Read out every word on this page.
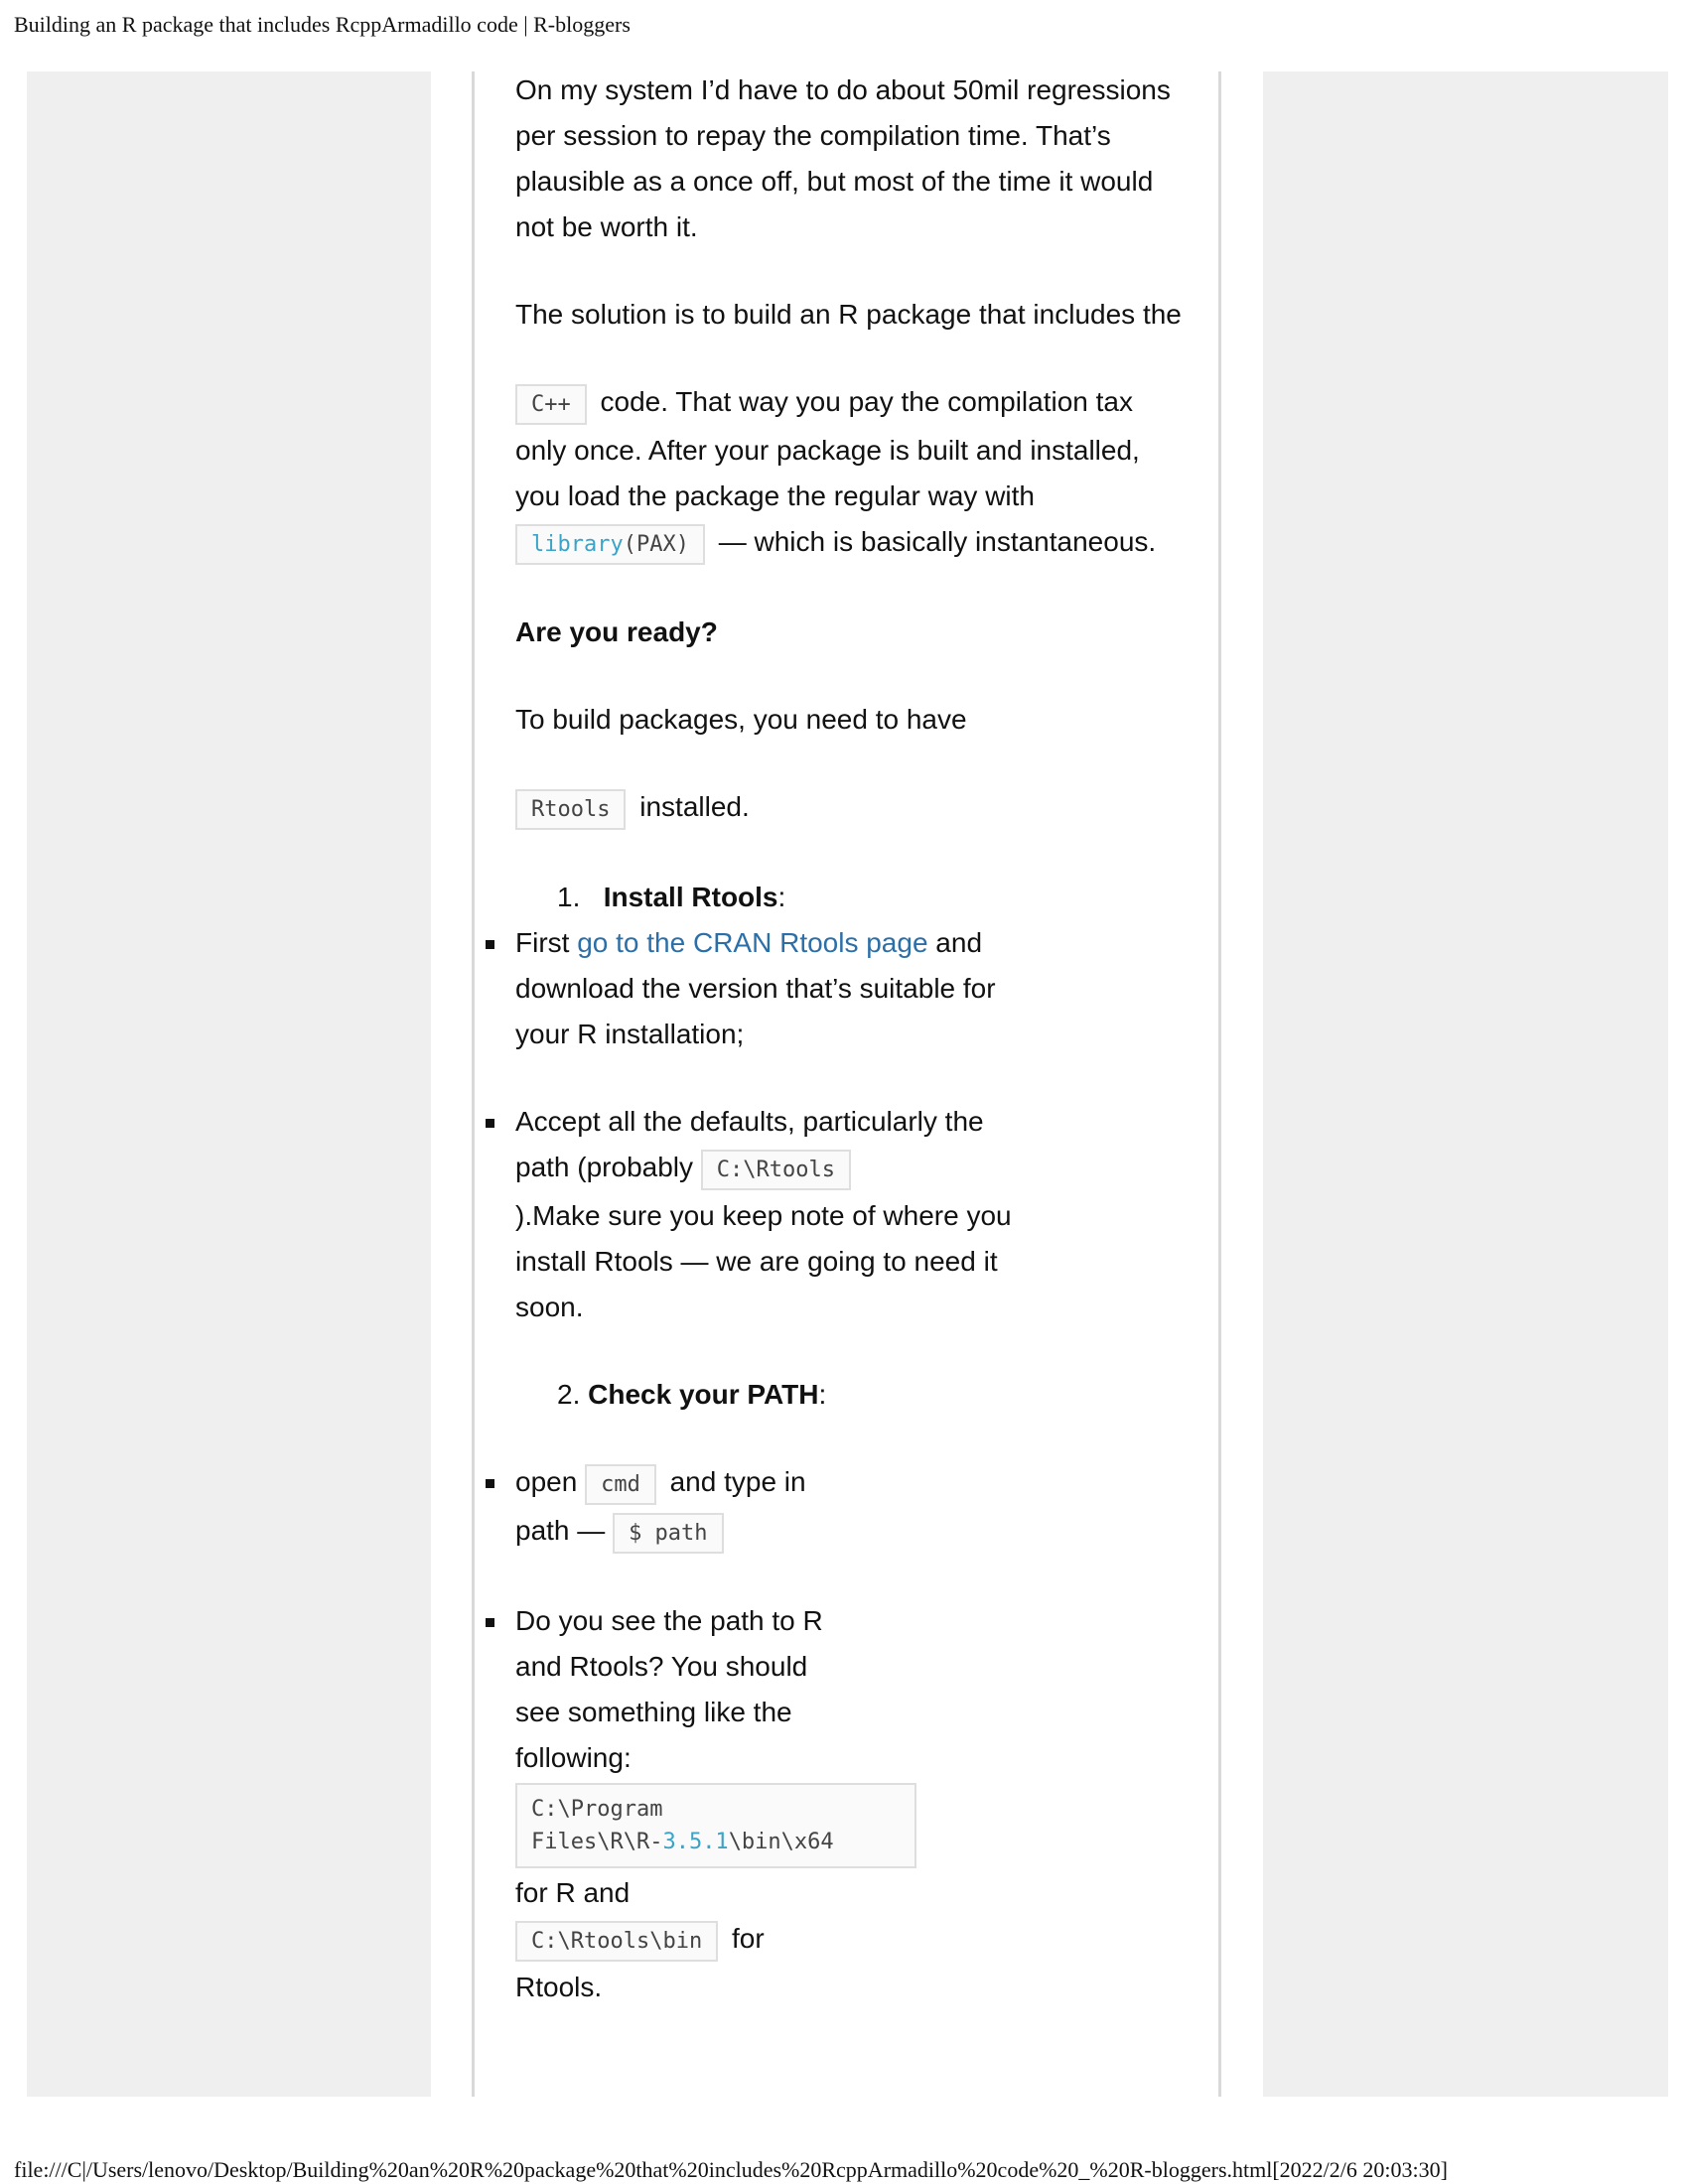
Building an R package that includes RcppArmadillo code | R-bloggers

On my system I’d have to do about 50mil regressions per session to repay the compilation time. That’s plausible as a once off, but most of the time it would not be worth it.

The solution is to build an R package that includes the

C++ code. That way you pay the compilation tax only once. After your package is built and installed, you load the package the regular way with library(PAX) — which is basically instantaneous.

Are you ready?

To build packages, you need to have

Rtools installed.

1. Install Rtools:
First go to the CRAN Rtools page and download the version that’s suitable for your R installation;
Accept all the defaults, particularly the path (probably C:\Rtools
).Make sure you keep note of where you install Rtools — we are going to need it soon.
2. Check your PATH:
open cmd and type in path — $ path
Do you see the path to R and Rtools? You should see something like the following:
C:\Program
Files\R\R-3.5.1\bin\x64
for R and
C:\Rtools\bin for Rtools.
file:///C|/Users/lenovo/Desktop/Building%20an%20R%20package%20that%20includes%20RcppArmadillo%20code%20_%20R-bloggers.html[2022/2/6 20:03:30]
